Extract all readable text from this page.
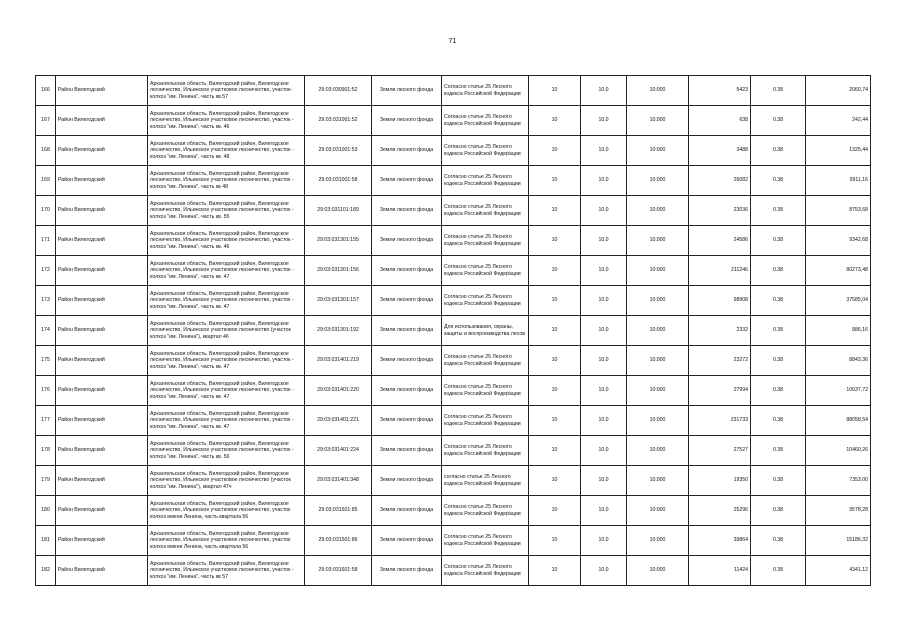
71
166	Район Вилегодский	Архангельская область, Вилегодский район, Вилегодское лесничество, Ильинское участковое лесничество, участок- колхоз "им. Ленина", часть кв.57	29:03:030901:52	Земли лесного фонда	Согласно статье 25 Лесного кодекса Российской Федерации	10	10.0	10:000	5423	0.38	2060,74
167	Район Вилегодский	Архангельская область, Вилегодский район, Вилегодское лесничество, Ильинское участковое лесничество, участок - колхоз "им. Ленина", часть кв. 46	29:03:031001:52	Земли лесного фонда	Согласно статье 25 Лесного кодекса Российской Федерации	10	10.0	10:000	638	0.38	242,44
168	Район Вилегодский	Архангельская область, Вилегодский район, Вилегодское лесничество, Ильинское участковое лесничество, участок - колхоз "им. Ленина", часть кв. 48	29:03:031001:53	Земли лесного фонда	Согласно статье 25 Лесного кодекса Российской Федерации	10	10.0	10:000	3488	0.38	1325,44
169	Район Вилегодский	Архангельская область, Вилегодский район, Вилегодское лесничество, Ильинское участковое лесничество, участок - колхоз "им. Ленина", часть кв 48	29:03:031001:58	Земли лесного фонда	Согласно статье 25 Лесного кодекса Российской Федерации	10	10.0	10:000	26082	0.38	9911,16
170	Район Вилегодский	Архангельская область, Вилегодский район, Вилегодское лесничество, Ильинское участковое лесничество, участок - колхоз "им. Ленина", часть кв. 55	29:03:031101:189	Земли лесного фонда	Согласно статье 25 Лесного кодекса Российской Федерации	10	10.0	10:000	23036	0.38	8753,68
171	Район Вилегодский	Архангельская область, Вилегодский район, Вилегодское лесничество, Ильинское участковое лесничество, участок - колхоз "им. Ленина", часть кв. 46	29:03:031301:155	Земли лесного фонда	Согласно статье 25 Лесного кодекса Российской Федерации	10	10.0	10:000	24586	0.38	9342,68
172	Район Вилегодский	Архангельская область, Вилегодский район, Вилегодское лесничество, Ильинское участковое лесничество, участок - колхоз "им. Ленина", часть кв. 47	29:03:031301:156	Земли лесного фонда	Согласно статье 25 Лесного кодекса Российской Федерации	10	10.0	10:000	211246	0.38	80273,48
173	Район Вилегодский	Архангельская область, Вилегодский район, Вилегодское лесничество, Ильинское участковое лесничество, участок - колхоз "им. Ленина", часть кв. 47	29:03:031301:157	Земли лесного фонда	Согласно статье 25 Лесного кодекса Российской Федерации	10	10.0	10:000	98908	0.38	37585,04
174	Район Вилегодский	Архангельская область, Вилегодский район, Вилегодское лесничество, Ильинское участковое лесничество (участок колхоз "им. Ленина"), квартал 46	29:03:031301:192	Земли лесного фонда	Для использования, охраны, защиты и воспроизводства лесов	10	10.0	10:000	2332	0.38	886,16
175	Район Вилегодский	Архангельская область, Вилегодский район, Вилегодское лесничество, Ильинское участковое лесничество, участок - колхоз "им. Ленина", часть кв. 47	29:03:031401:219	Земли лесного фонда	Согласно статье 25 Лесного кодекса Российской Федерации	10	10.0	10:000	23272	0.38	8843,36
176	Район Вилегодский	Архангельская область, Вилегодский район, Вилегодское лесничество, Ильинское участковое лесничество, участок - колхоз "им. Ленина", часть кв. 47	29:03:031401:220	Земли лесного фонда	Согласно статье 25 Лесного кодекса Российской Федерации	10	10.0	10:000	27994	0.38	10637,72
177	Район Вилегодский	Архангельская область, Вилегодский район, Вилегодское лесничество, Ильинское участковое лесничество, участок - колхоз "им. Ленина", часть кв. 47	29:03:031401:221	Земли лесного фонда	Согласно статье 25 Лесного кодекса Российской Федерации	10	10.0	10:000	231733	0.38	88058,54
178	Район Вилегодский	Архангельская область, Вилегодский район, Вилегодское лесничество, Ильинское участковое лесничество, участок - колхоз "им. Ленина", часть кв. 56	29:03:031401:224	Земли лесного фонда	Согласно статье 25 Лесного кодекса Российской Федерации	10	10.0	10:000	27527	0.38	10460,26
179	Район Вилегодский	Архангельская область, Вилегодский район, Вилегодское лесничество, Ильинское участковое лесничество (участок колхоз "им. Ленина"), квартал 47ч	29:03:031401:348	Земли лесного фонда	согласно статье 25 Лесного кодекса Российской Федерации	10	10.0	10:000	19350	0.38	7353,00
180	Район Вилегодский	Архангельская область, Вилегодский район, Вилегодское лесничество, Ильинское участковое лесничество, участок колхоз имени Ленина, часть квартала 56	29:03:031501:85	Земли лесного фонда	Согласно статье 25 Лесного кодекса Российской Федерации	10	10.0	10:000	25296	0.38	9578,28
181	Район Вилегодский	Архангельская область, Вилегодский район, Вилегодское лесничество, Ильинское участковое лесничество, участок колхоз имени Ленина, часть квартала 56	29:03:031501:86	Земли лесного фонда	Согласно статье 25 Лесного кодекса Российской Федерации	10	10.0	10:000	39864	0.38	15186,32
182	Район Вилегодский	Архангельская область, Вилегодский район, Вилегодское лесничество, Ильинское участковое лесничество, участок - колхоз "им. Ленина", часть кв 57	29:03:031601:58	Земли лесного фонда	Согласно статье 25 Лесного кодекса Российской Федерации	10	10.0	10:000	11424	0.38	4341,12
